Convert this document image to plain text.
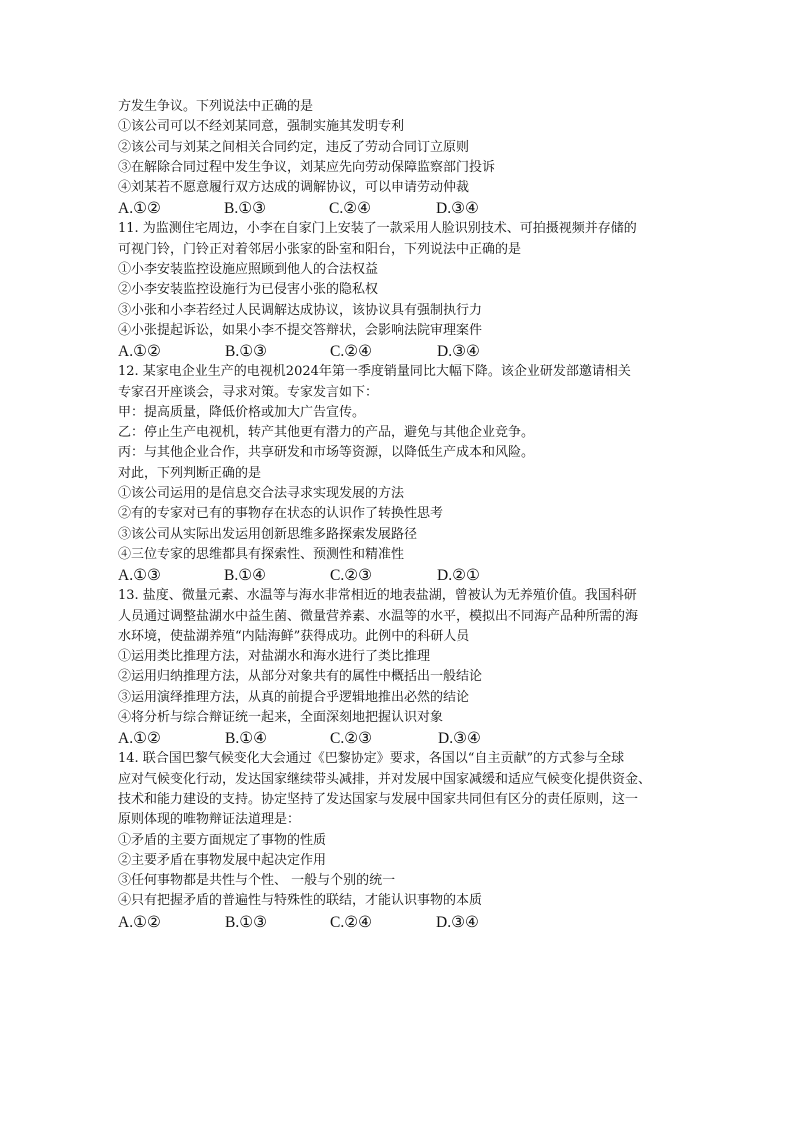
方发生争议。下列说法中正确的是
①该公司可以不经刘某同意，强制实施其发明专利
②该公司与刘某之间相关合同约定，违反了劳动合同订立原则
③在解除合同过程中发生争议，刘某应先向劳动保障监察部门投诉
④刘某若不愿意履行双方达成的调解协议，可以申请劳动仲裁
A.①②	B.①③	C.②④	D.③④
11. 为监测住宅周边，小李在自家门上安装了一款采用人脸识别技术、可拍摄视频并存储的
可视门铃，门铃正对着邻居小张家的卧室和阳台，下列说法中正确的是
①小李安装监控设施应照顾到他人的合法权益
②小李安装监控设施行为已侵害小张的隐私权
③小张和小李若经过人民调解达成协议，该协议具有强制执行力
④小张提起诉讼，如果小李不提交答辩状，会影响法院审理案件
A.①②	B.①③	C.②④	D.③④
12. 某家电企业生产的电视机2024年第一季度销量同比大幅下降。该企业研发部邀请相关
专家召开座谈会，寻求对策。专家发言如下：
甲：提高质量，降低价格或加大广告宣传。
乙：停止生产电视机，转产其他更有潜力的产品，避免与其他企业竞争。
丙：与其他企业合作，共享研发和市场等资源，以降低生产成本和风险。
对此，下列判断正确的是
①该公司运用的是信息交合法寻求实现发展的方法
②有的专家对已有的事物存在状态的认识作了转换性思考
③该公司从实际出发运用创新思维多路探索发展路径
④三位专家的思维都具有探索性、预测性和精准性
A.①③	B.①④	C.②③	D.②①
13. 盐度、微量元素、水温等与海水非常相近的地表盐湖，曾被认为无养殖价值。我国科研
人员通过调整盐湖水中益生菌、微量营养素、水温等的水平，模拟出不同海产品种所需的海
水环境，使盐湖养殖“内陆海鲜”获得成功。此例中的科研人员
①运用类比推理方法，对盐湖水和海水进行了类比推理
②运用归纳推理方法，从部分对象共有的属性中概括出一般结论
③运用演绎推理方法，从真的前提合乎逻辑地推出必然的结论
④将分析与综合辩证统一起来，全面深刻地把握认识对象
A.①②	B.①④	C.②③	D.③④
14. 联合国巴黎气候变化大会通过《巴黎协定》要求，各国以“自主贡献”的方式参与全球
应对气候变化行动，发达国家继续带头减排，并对发展中国家减缓和适应气候变化提供资金、
技术和能力建设的支持。协定坚持了发达国家与发展中国家共同但有区分的责任原则，这一
原则体现的唯物辩证法道理是：
①矛盾的主要方面规定了事物的性质
②主要矛盾在事物发展中起决定作用
③任何事物都是共性与个性、 一般与个别的统一
④只有把握矛盾的普遍性与特殊性的联结，才能认识事物的本质
A.①②	B.①③	C.②④	D.③④
